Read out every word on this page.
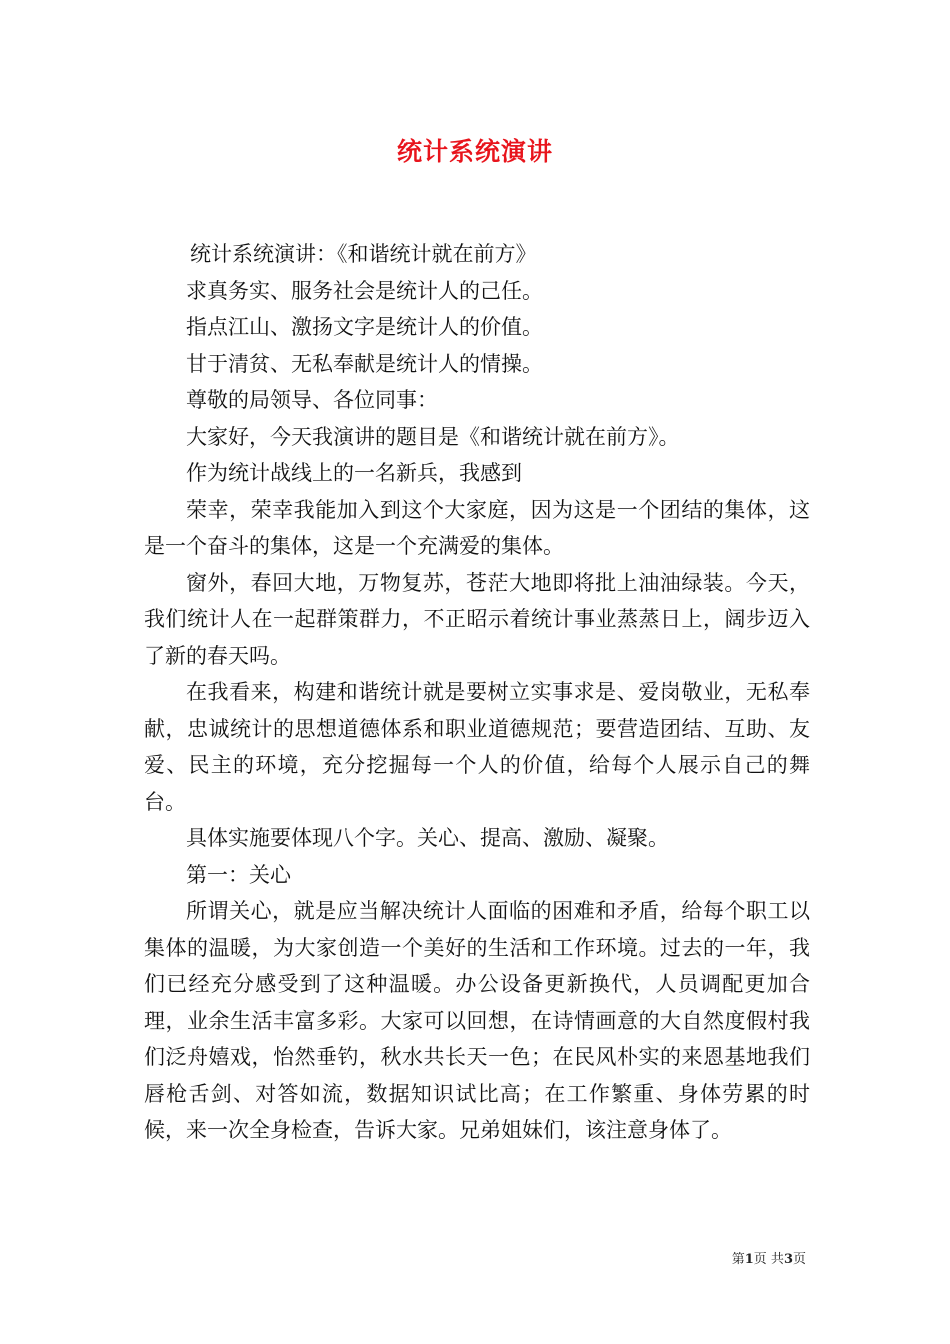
统计系统演讲

统计系统演讲：《和谐统计就在前方》

求真务实、服务社会是统计人的己任。

指点江山、激扬文字是统计人的价值。

甘于清贫、无私奉献是统计人的情操。

尊敬的局领导、各位同事：

大家好，今天我演讲的题目是《和谐统计就在前方》。

作为统计战线上的一名新兵，我感到

荣幸，荣幸我能加入到这个大家庭，因为这是一个团结的集体，这是一个奋斗的集体，这是一个充满爱的集体。

窗外，春回大地，万物复苏，苍茫大地即将批上油油绿装。今天，我们统计人在一起群策群力，不正昭示着统计事业蒸蒸日上，阔步迈入了新的春天吗。

在我看来，构建和谐统计就是要树立实事求是、爱岗敬业，无私奉献，忠诚统计的思想道德体系和职业道德规范；要营造团结、互助、友爱、民主的环境，充分挖掘每一个人的价值，给每个人展示自己的舞台。

具体实施要体现八个字。关心、提高、激励、凝聚。

第一：关心

所谓关心，就是应当解决统计人面临的困难和矛盾，给每个职工以集体的温暖，为大家创造一个美好的生活和工作环境。过去的一年，我们已经充分感受到了这种温暖。办公设备更新换代，人员调配更加合理，业余生活丰富多彩。大家可以回想，在诗情画意的大自然度假村我们泛舟嬉戏，怡然垂钓，秋水共长天一色；在民风朴实的来恩基地我们唇枪舌剑、对答如流，数据知识试比高；在工作繁重、身体劳累的时候，来一次全身检查，告诉大家。兄弟姐妹们，该注意身体了。

第1页 共3页
